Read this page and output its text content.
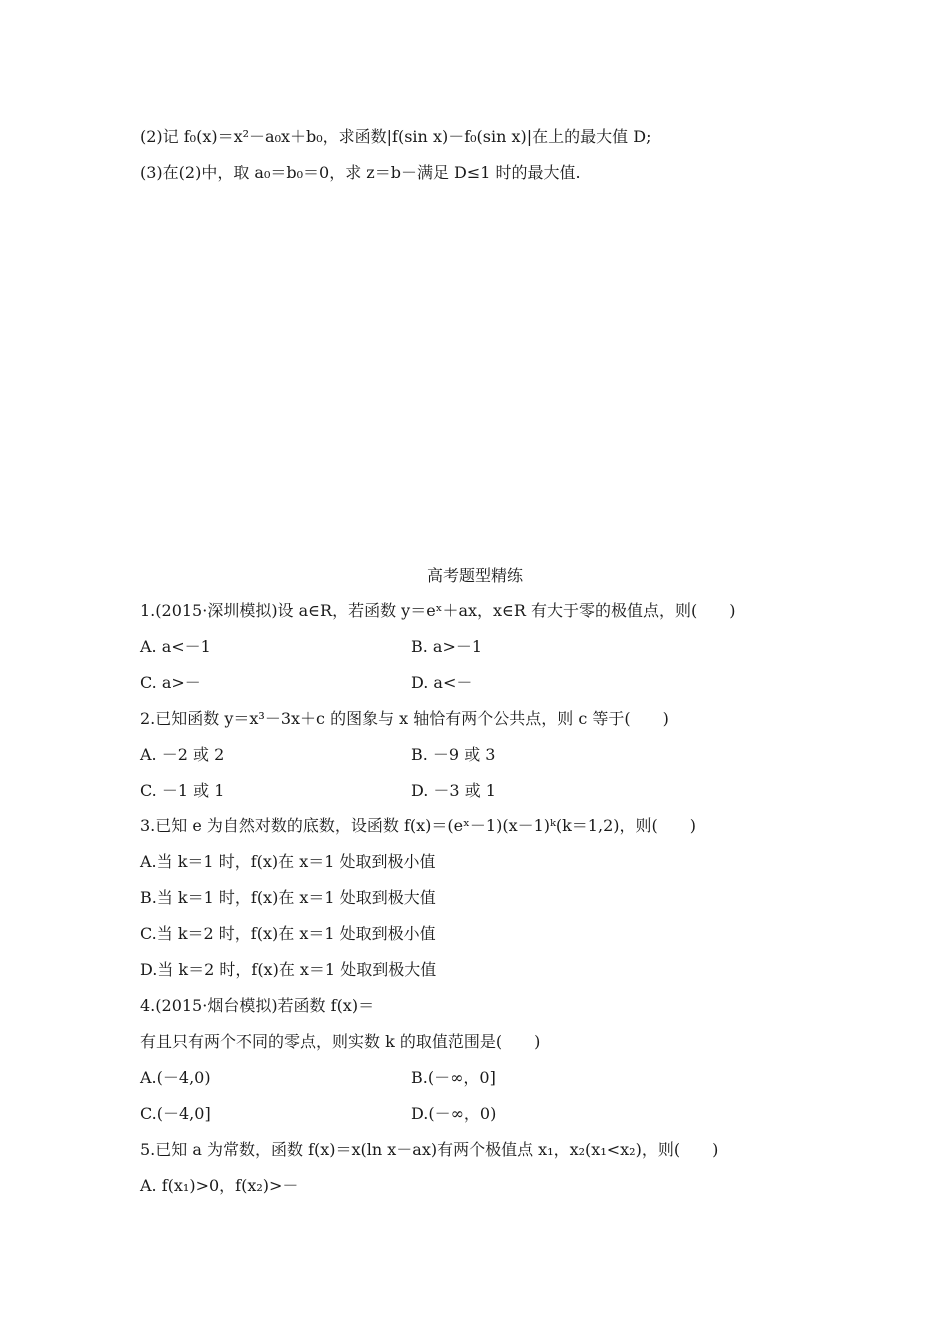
(2)记 f₀(x)＝x²－a₀x＋b₀，求函数|f(sin x)－f₀(sin x)|在上的最大值 D;
(3)在(2)中，取 a₀＝b₀＝0，求 z＝b－满足 D≤1 时的最大值.
高考题型精练
1.(2015·深圳模拟)设 a∈R，若函数 y＝eˣ＋ax，x∈R 有大于零的极值点，则(　　)
A. a<－1	B. a>－1
C. a>－	D. a<－
2.已知函数 y＝x³－3x＋c 的图象与 x 轴恰有两个公共点，则 c 等于(　　)
A. －2 或 2	B. －9 或 3
C. －1 或 1	D. －3 或 1
3.已知 e 为自然对数的底数，设函数 f(x)＝(eˣ－1)(x－1)ᵏ(k＝1,2)，则(　　)
A.当 k＝1 时，f(x)在 x＝1 处取到极小值
B.当 k＝1 时，f(x)在 x＝1 处取到极大值
C.当 k＝2 时，f(x)在 x＝1 处取到极小值
D.当 k＝2 时，f(x)在 x＝1 处取到极大值
4.(2015·烟台模拟)若函数 f(x)＝
有且只有两个不同的零点，则实数 k 的取值范围是(　　)
A.(－4,0)	B.(－∞，0]
C.(－4,0]	D.(－∞，0)
5.已知 a 为常数，函数 f(x)＝x(ln x－ax)有两个极值点 x₁，x₂(x₁<x₂)，则(　　)
A. f(x₁)>0，f(x₂)>－
